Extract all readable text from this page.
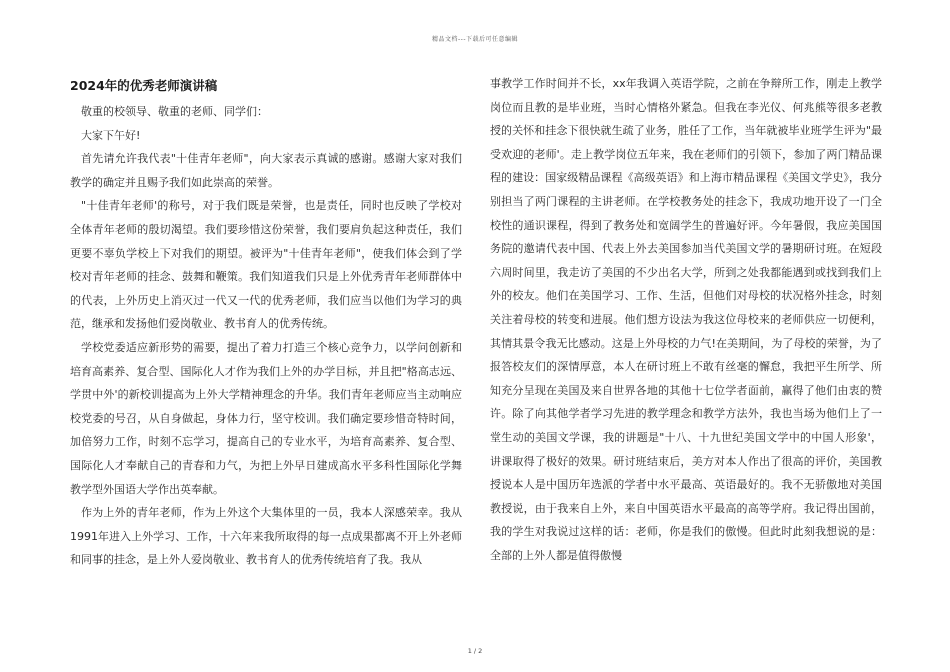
精品文档---下载后可任意编辑
2024年的优秀老师演讲稿

敬重的校领导、敬重的老师、同学们：

大家下午好!

首先请允许我代表"十佳青年老师"，向大家表示真诚的感谢。感谢大家对我们教学的确定并且赐予我们如此崇高的荣誉。

"十佳青年老师'的称号，对于我们既是荣誉，也是责任，同时也反映了学校对全体青年老师的殷切渴望。我们要珍惜这份荣誉，我们要肩负起这种责任，我们更要不辜负学校上下对我们的期望。被评为"十佳青年老师"，使我们体会到了学校对青年老师的挂念、鼓舞和鞭策。我们知道我们只是上外优秀青年老师群体中的代表，上外历史上消灭过一代又一代的优秀老师，我们应当以他们为学习的典范，继承和发扬他们爱岗敬业、教书育人的优秀传统。

学校党委适应新形势的需要，提出了着力打造三个核心竞争力，以学问创新和培育高素养、复合型、国际化人才作为我们上外的办学目标，并且把"格高志远、学贯中外'的新校训提高为上外大学精神理念的升华。我们青年老师应当主动响应校党委的号召，从自身做起，身体力行，坚守校训。我们确定要珍惜奇特时间，加倍努力工作，时刻不忘学习，提高自己的专业水平，为培育高素养、复合型、国际化人才奉献自己的青春和力气，为把上外早日建成高水平多科性国际化学舞教学型外国语大学作出英奉献。

作为上外的青年老师，作为上外这个大集体里的一员，我本人深感荣幸。我从1991年进入上外学习、工作，十六年来我所取得的每一点成果都离不开上外老师和同事的挂念，是上外人爱岗敬业、教书育人的优秀传统培育了我。我从

事教学工作时间并不长，xx年我调入英语学院，之前在争辩所工作，刚走上教学岗位而且教的是毕业班，当时心情格外紧急。但我在李光仪、何兆熊等很多老教授的关怀和挂念下很快就生疏了业务，胜任了工作，当年就被毕业班学生评为"最受欢迎的老师'。走上教学岗位五年来，我在老师们的引领下，参加了两门精品课程的建设：国家级精品课程《高级英语》和上海市精品课程《美国文学史》，我分别担当了两门课程的主讲老师。在学校教务处的挂念下，我成功地开设了一门全校性的通识课程，得到了教务处和宽阔学生的普遍好评。今年暑假，我应美国国务院的邀请代表中国、代表上外去美国参加当代美国文学的暑期研讨班。在短段六周时间里，我走访了美国的不少出名大学，所到之处我都能遇到或找到我们上外的校友。他们在美国学习、工作、生活，但他们对母校的状况格外挂念，时刻关注着母校的转变和进展。他们想方设法为我这位母校来的老师供应一切便利，其情其景令我无比感动。这是上外母校的力气!在美期间，为了母校的荣誉，为了报答校友们的深情厚意，本人在研讨班上不敢有丝毫的懈怠，我把平生所学、所知充分呈现在美国及来自世界各地的其他十七位学者面前，赢得了他们由衷的赞许。除了向其他学者学习先进的教学理念和教学方法外，我也当场为他们上了一堂生动的美国文学课，我的讲题是"十八、十九世纪美国文学中的中国人形象'，讲课取得了极好的效果。研讨班结束后，美方对本人作出了很高的评价，美国教授说本人是中国历年选派的学者中水平最高、英语最好的。我不无骄傲地对美国教授说，由于我来自上外，来自中国英语水平最高的高等学府。我记得出国前，我的学生对我说过这样的话：老师，你是我们的傲慢。但此时此刻我想说的是：全部的上外人都是值得傲慢

1 / 2
